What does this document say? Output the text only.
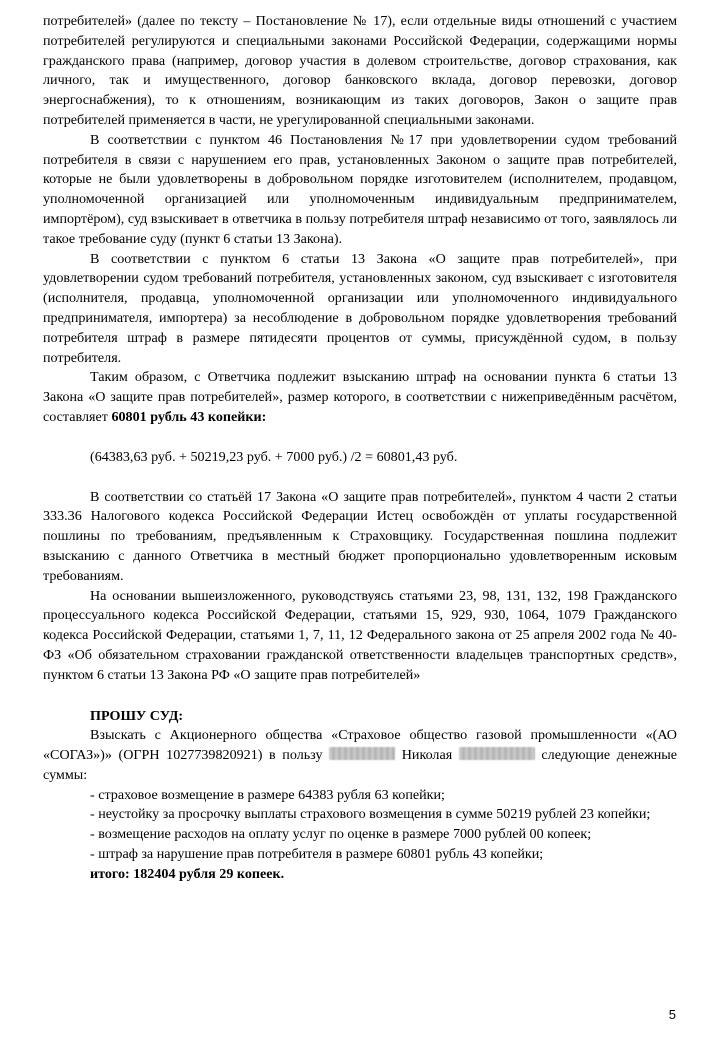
потребителей» (далее по тексту – Постановление № 17), если отдельные виды отношений с участием потребителей регулируются и специальными законами Российской Федерации, содержащими нормы гражданского права (например, договор участия в долевом строительстве, договор страхования, как личного, так и имущественного, договор банковского вклада, договор перевозки, договор энергоснабжения), то к отношениям, возникающим из таких договоров, Закон о защите прав потребителей применяется в части, не урегулированной специальными законами.

В соответствии с пунктом 46 Постановления №17 при удовлетворении судом требований потребителя в связи с нарушением его прав, установленных Законом о защите прав потребителей, которые не были удовлетворены в добровольном порядке изготовителем (исполнителем, продавцом, уполномоченной организацией или уполномоченным индивидуальным предпринимателем, импортёром), суд взыскивает в ответчика в пользу потребителя штраф независимо от того, заявлялось ли такое требование суду (пункт 6 статьи 13 Закона).

В соответствии с пунктом 6 статьи 13 Закона «О защите прав потребителей», при удовлетворении судом требований потребителя, установленных законом, суд взыскивает с изготовителя (исполнителя, продавца, уполномоченной организации или уполномоченного индивидуального предпринимателя, импортера) за несоблюдение в добровольном порядке удовлетворения требований потребителя штраф в размере пятидесяти процентов от суммы, присуждённой судом, в пользу потребителя.

Таким образом, с Ответчика подлежит взысканию штраф на основании пункта 6 статьи 13 Закона «О защите прав потребителей», размер которого, в соответствии с нижеприведённым расчётом, составляет 60801 рубль 43 копейки:

(64383,63 руб. + 50219,23 руб. + 7000 руб.) /2 = 60801,43 руб.

В соответствии со статьёй 17 Закона «О защите прав потребителей», пунктом 4 части 2 статьи 333.36 Налогового кодекса Российской Федерации Истец освобождён от уплаты государственной пошлины по требованиям, предъявленным к Страховщику. Государственная пошлина подлежит взысканию с данного Ответчика в местный бюджет пропорционально удовлетворенным исковым требованиям.

На основании вышеизложенного, руководствуясь статьями 23, 98, 131, 132, 198 Гражданского процессуального кодекса Российской Федерации, статьями 15, 929, 930, 1064, 1079 Гражданского кодекса Российской Федерации, статьями 1, 7, 11, 12 Федерального закона от 25 апреля 2002 года № 40-ФЗ «Об обязательном страховании гражданской ответственности владельцев транспортных средств», пунктом 6 статьи 13 Закона РФ «О защите прав потребителей»

ПРОШУ СУД:

Взыскать с Акционерного общества «Страховое общество газовой промышленности «(АО «СОГАЗ»)» (ОГРН 1027739820921) в пользу	Николая	следующие денежные суммы:

- страховое возмещение в размере 64383 рубля 63 копейки;

- неустойку за просрочку выплаты страхового возмещения в сумме 50219 рублей 23 копейки;

- возмещение расходов на оплату услуг по оценке в размере 7000 рублей 00 копеек;

- штраф за нарушение прав потребителя в размере 60801 рубль 43 копейки;

итого: 182404 рубля 29 копеек.

5
